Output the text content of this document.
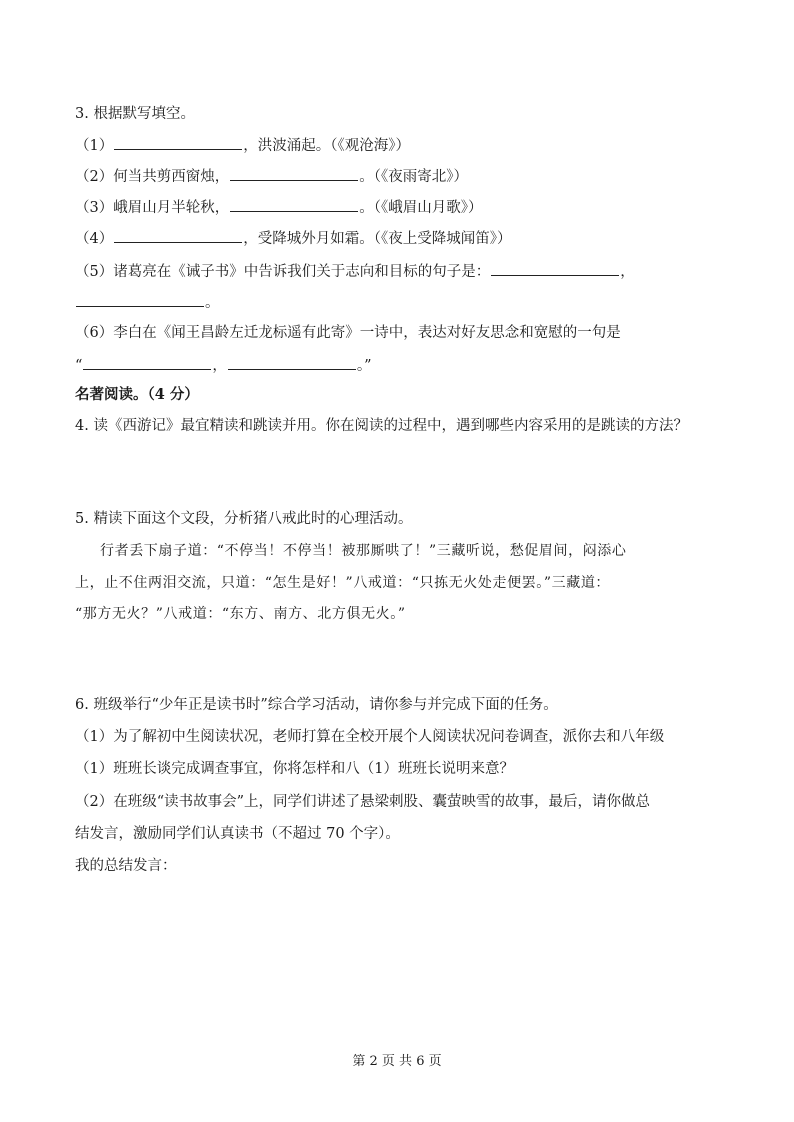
3. 根据默写填空。
（1）	，洪波涌起。（《观沧海》）
（2）何当共剪西窗烛，	。（《夜雨寄北》）
（3）峨眉山月半轮秋，	。（《峨眉山月歌》）
（4）	，受降城外月如霜。（《夜上受降城闻笛》）
（5）诸葛亮在《诫子书》中告诉我们关于志向和目标的句子是：	，
。
（6）李白在《闻王昌龄左迁龙标遥有此寄》一诗中，表达对好友思念和宽慰的一句是
“	，	。”
名著阅读。（4 分）
4. 读《西游记》最宜精读和跳读并用。你在阅读的过程中，遇到哪些内容采用的是跳读的方法？
5. 精读下面这个文段，分析猪八戒此时的心理活动。
行者丢下扇子道：“不停当！不停当！被那厮哄了！”三藏听说，愁促眉间，闷添心
上，止不住两泪交流，只道：“怎生是好！”八戒道：“只拣无火处走便罢。”三藏道：
“那方无火？”八戒道：“东方、南方、北方俱无火。”
6. 班级举行“少年正是读书时”综合学习活动，请你参与并完成下面的任务。
（1）为了解初中生阅读状况，老师打算在全校开展个人阅读状况问卷调查，派你去和八年级
（1）班班长谈完成调查事宜，你将怎样和八（1）班班长说明来意？
（2）在班级“读书故事会”上，同学们讲述了悬梁刺股、囊萤映雪的故事，最后，请你做总
结发言，激励同学们认真读书（不超过 70 个字）。
我的总结发言：
第 2 页 共 6 页
